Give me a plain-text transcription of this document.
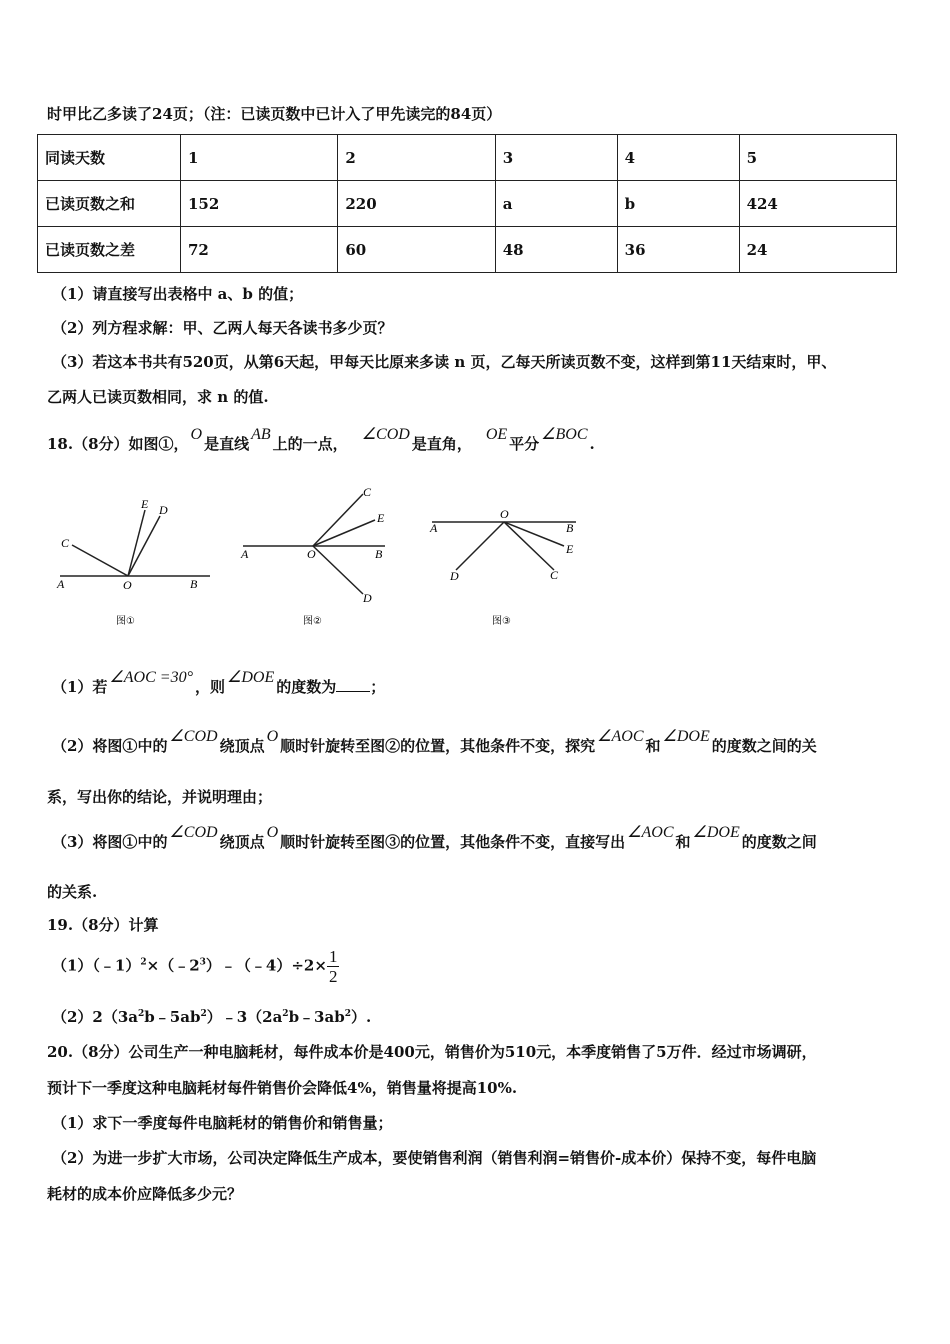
时甲比乙多读了24页；（注：已读页数中已计入了甲先读完的84页）
同读天数	1	2	3	4	5
已读页数之和	152	220	a	b	424
已读页数之差	72	60	48	36	24
（1）请直接写出表格中 a、b 的值；
（2）列方程求解：甲、乙两人每天各读书多少页？
（3）若这本书共有520页，从第6天起，甲每天比原来多读 n 页，乙每天所读页数不变，这样到第11天结束时，甲、
乙两人已读页数相同，求 n 的值.
18.（8分）如图①，O是直线AB上的一点，∠COD是直角，OE平分∠BOC.
A	B
C
D
E
O
图①
A	B
C
D
E
O
图②
A	B
C
D
E
O
图③
（1）若∠AOC =30°，则∠DOE的度数为 ；
（2）将图①中的∠COD绕顶点O顺时针旋转至图②的位置，其他条件不变，探究∠AOC和∠DOE的度数之间的关
系，写出你的结论，并说明理由；
（3）将图①中的∠COD绕顶点O顺时针旋转至图③的位置，其他条件不变，直接写出∠AOC和∠DOE的度数之间
的关系.
19.（8分）计算
$(1)(﹣1)^2\times(﹣2^3)﹣(﹣4)\div 2\times \frac{1}{2}$
$(2)2(3a^2b﹣5ab^2)﹣3(2a^2b﹣3ab^2)$.
20.（8分）公司生产一种电脑耗材，每件成本价是400元，销售价为510元，本季度销售了5万件．经过市场调研，
预计下一季度这种电脑耗材每件销售价会降低4%，销售量将提高10%.
（1）求下一季度每件电脑耗材的销售价和销售量；
（2）为进一步扩大市场，公司决定降低生产成本，要使销售利润（销售利润=销售价-成本价）保持不变，每件电脑
耗材的成本价应降低多少元？
